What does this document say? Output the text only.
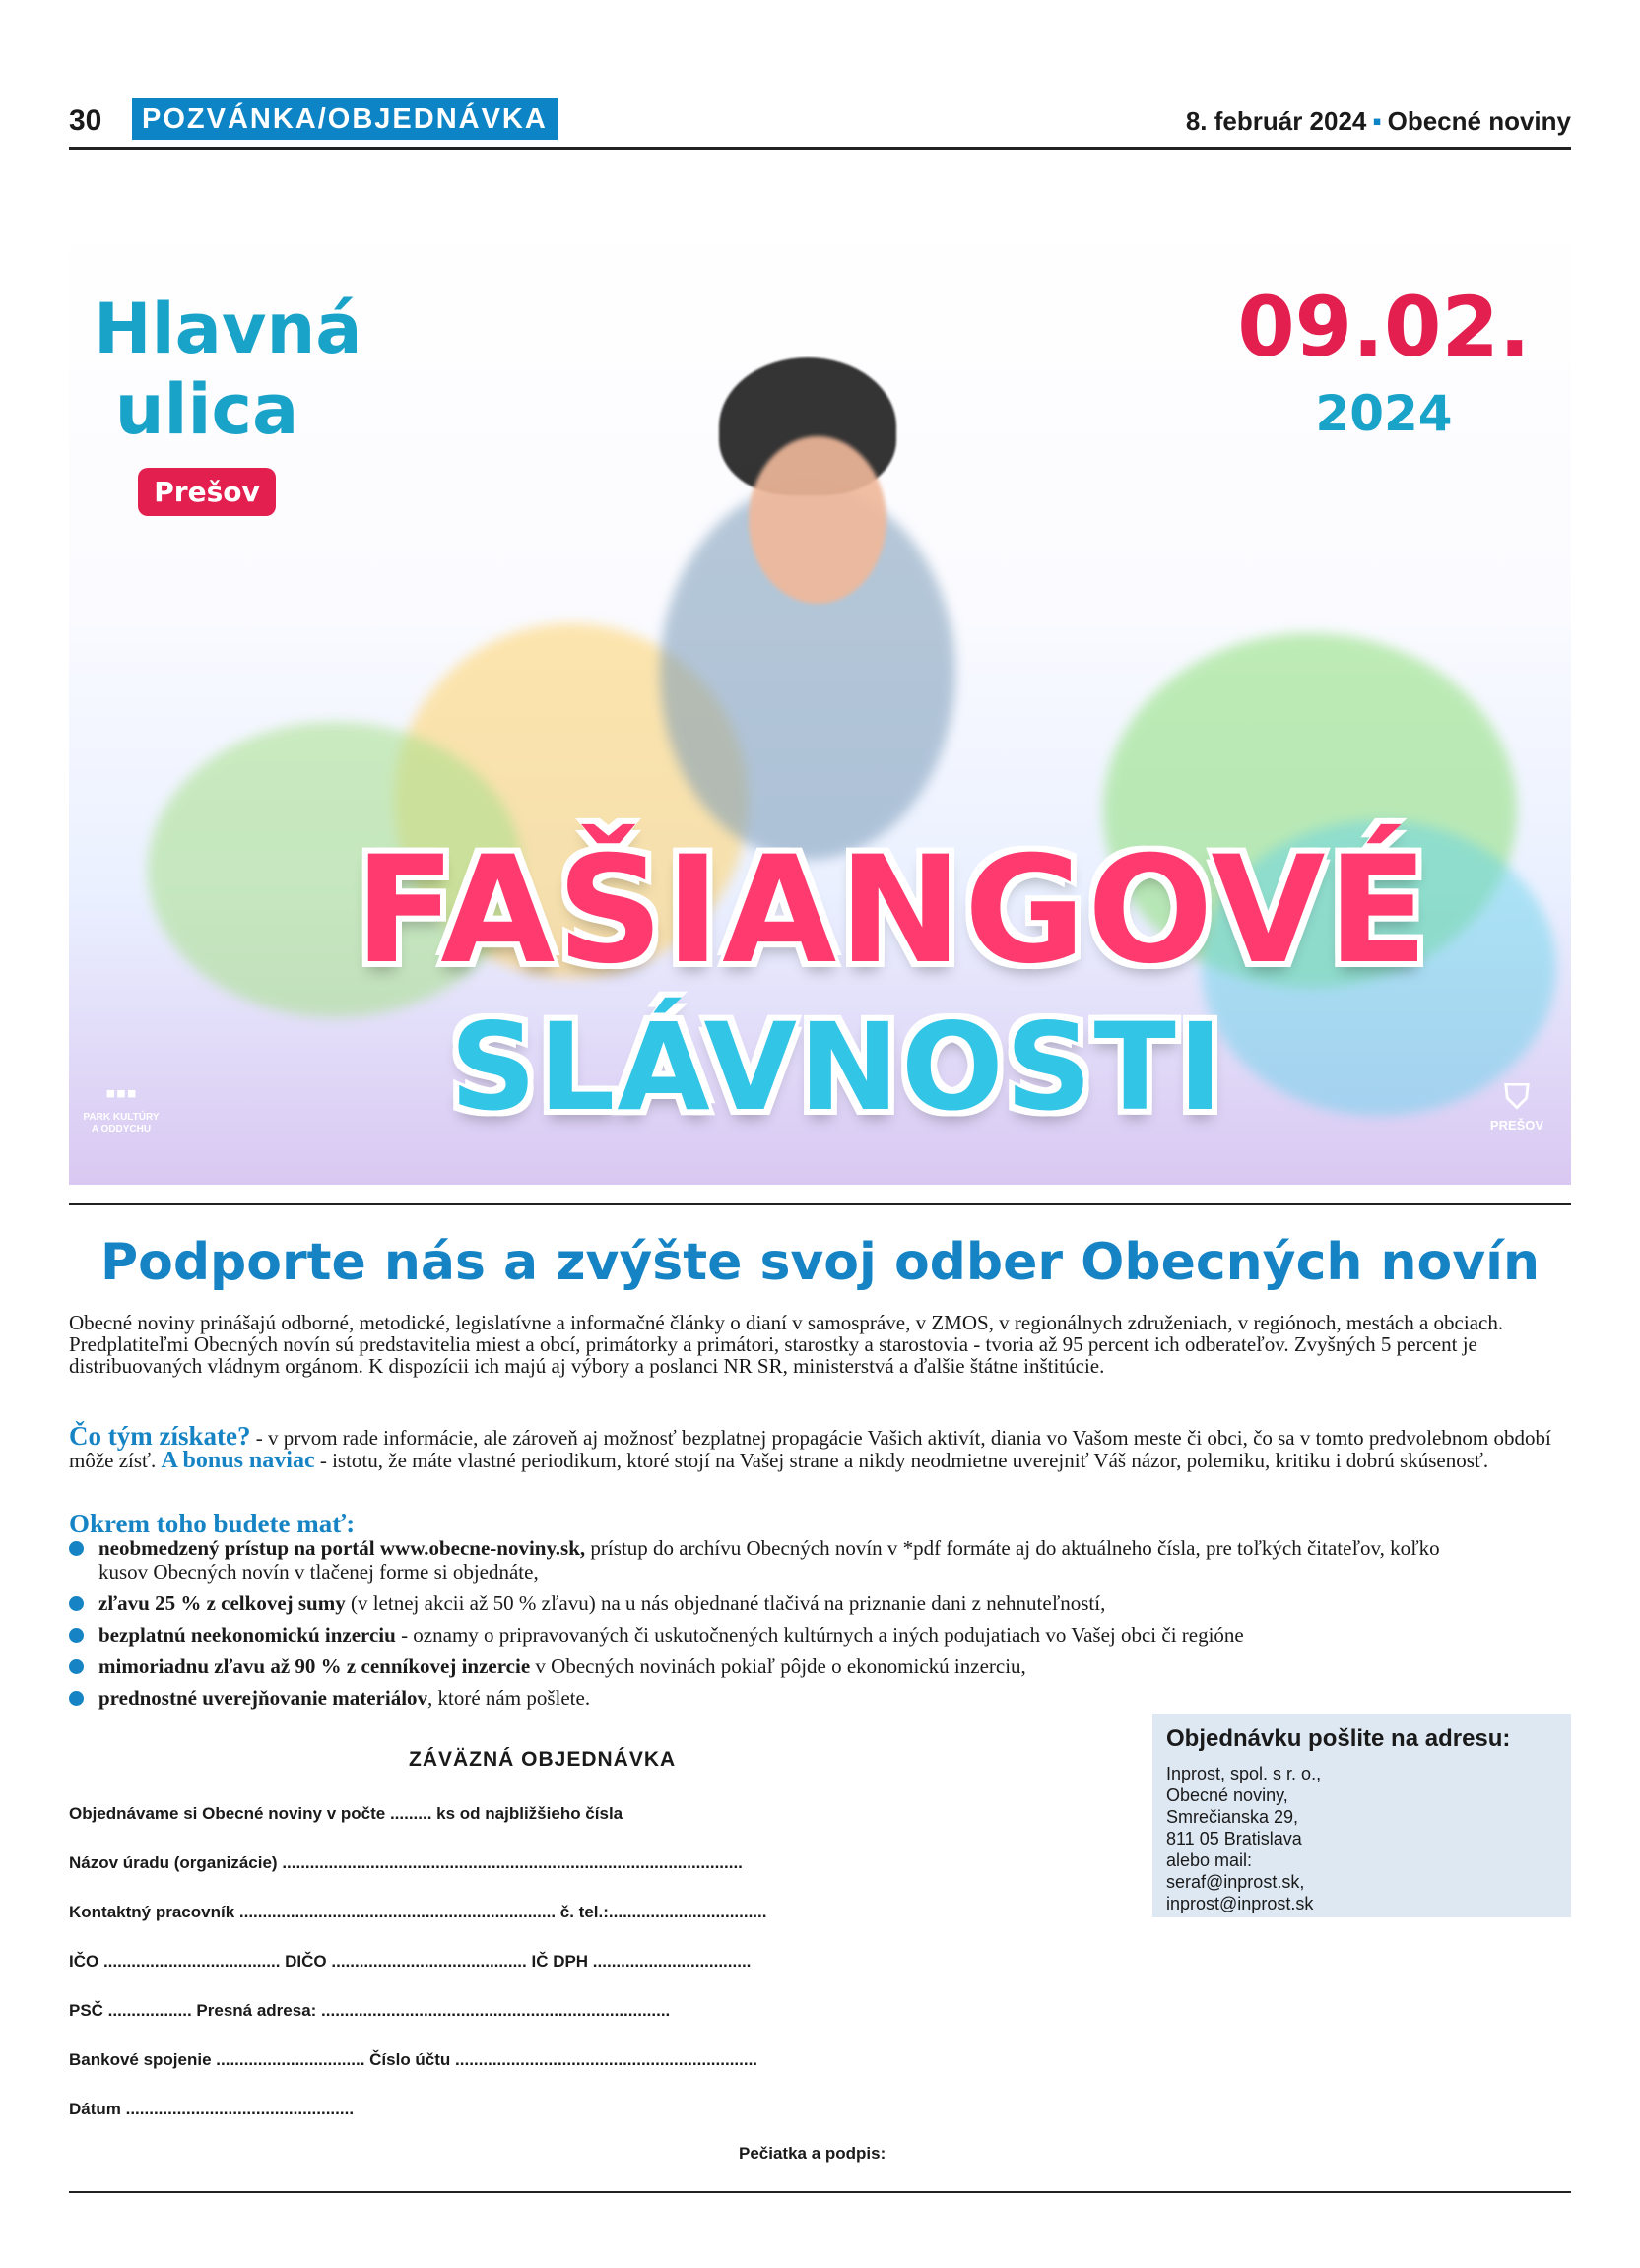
30	POZVÁNKA/OBJEDNÁVKA	8. február 2024 ▪ Obecné noviny
Hlavná
ulica
Prešov
09.02.
2024
FAŠIANGOVÉ
SLÁVNOSTI
▪▪▪
PARK KULTÚRY
A ODDYCHU
⛉
PREŠOV
Podporte nás a zvýšte svoj odber Obecných novín
Obecné noviny prinášajú odborné, metodické, legislatívne a informačné články o dianí v samospráve, v ZMOS, v regionálnych združeniach, v regiónoch, mestách a obciach. Predplatiteľmi Obecných novín sú predstavitelia miest a obcí, primátorky a primátori, starostky a starostovia - tvoria až 95 percent ich odberateľov. Zvyšných 5 percent je distribuovaných vládnym orgánom. K dispozícii ich majú aj výbory a poslanci NR SR, ministerstvá a ďalšie štátne inštitúcie.
Čo tým získate? - v prvom rade informácie, ale zároveň aj možnosť bezplatnej propagácie Vašich aktivít, diania vo Vašom meste či obci, čo sa v tomto predvolebnom období môže zísť. A bonus naviac - istotu, že máte vlastné periodikum, ktoré stojí na Vašej strane a nikdy neodmietne uverejniť Váš názor, polemiku, kritiku i dobrú skúsenosť.
Okrem toho budete mať:
neobmedzený prístup na portál www.obecne-noviny.sk, prístup do archívu Obecných novín v *pdf formáte aj do aktuálneho čísla, pre toľkých čitateľov, koľko kusov Obecných novín v tlačenej forme si objednáte,
zľavu 25 % z celkovej sumy (v letnej akcii až 50 % zľavu) na u nás objednané tlačivá na priznanie dani z nehnuteľností,
bezplatnú neekonomickú inzerciu - oznamy o pripravovaných či uskutočnených kultúrnych a iných podujatiach vo Vašej obci či regióne
mimoriadnu zľavu až 90 % z cenníkovej inzercie v Obecných novinách pokiaľ pôjde o ekonomickú inzerciu,
prednostné uverejňovanie materiálov, ktoré nám pošlete.
Objednávku pošlite na adresu:
Inprost, spol. s r. o.,
Obecné noviny,
Smrečianska 29,
811 05 Bratislava
alebo mail:
seraf@inprost.sk,
inprost@inprost.sk
ZÁVÄZNÁ OBJEDNÁVKA
Objednávame si Obecné noviny v počte ......... ks od najbližšieho čísla
Názov úradu (organizácie) ...................................................................................................
Kontaktný pracovník .................................................................... č. tel.:..................................
IČO ...................................... DIČO .......................................... IČ DPH ..................................
PSČ .................. Presná adresa: ...........................................................................
Bankové spojenie ................................ Číslo účtu .................................................................
Dátum .................................................
Pečiatka a podpis:
